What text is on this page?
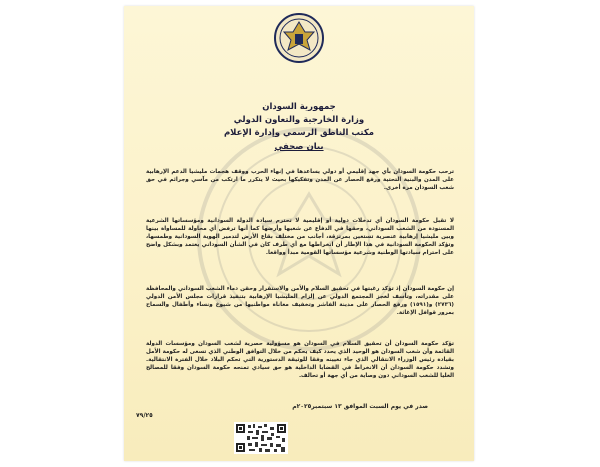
جمهورية السودان
وزارة الخارجية والتعاون الدولي
مكتب الناطق الرسمي وإدارة الإعلام
بيان صحفي

ترحب حكومة السودان بأي جهد إقليمي أو دولي يساعدها في إنهاء الحرب ووقف هجمات مليشيا الدعم الإرهابية على المدن والبنية التحتية ورفع الحصار عن المدن وتفكيكها بحيث لا يتكرر ما ارتكب من مآسي وجرائم في حق شعب السودان مرة أخرى.

لا تقبل حكومة السودان أي تدخلات دولية أو إقليمية لا تحترم سيادة الدولة السودانية ومؤسساتها الشرعية المسنودة من الشعب السوداني، وحقها في الدفاع عن شعبها وأرضها كما أنها ترفض أي محاولة للمساواة بينها وبين مليشيا إرهابية عنصرية تستعين بمرتزقة، أجانب من مختلف بقاع الأرض لتدمير الهوية السودانية وطمسها، وتؤكد الحكومة السودانية في هذا الإطار أن انخراطها مع أي طرف كان في الشأن السوداني يعتمد وبشكل واضح على احترام سيادتها الوطنية وشرعية مؤسساتها القومية مبدأ وواقعا.

إن حكومة السودان إذ تؤكد رغبتها في تحقيق السلام والأمن والاستقرار وحقن دماء الشعب السوداني والمحافظة على مقدراته، وتأسف لعجز المجتمع الدولي عن إلزام المليشيا الإرهابية بتنفيذ قرارات مجلس الأمن الدولي (٢٧٣٦) و(١٥٩١) ورفع الحصار على مدينة الفاشر وتخفيف معاناة مواطنيها من شيوخ ونساء وأطفال والسماح بمرور قوافل الإغاثة.

تؤكد حكومة السودان أن تحقيق السلام في السودان هو مسؤولية حصرية لشعب السودان ومؤسسات الدولة القائمة وأن شعب السودان هو الوحيد الذي يحدد كيف يحكم من خلال التوافق الوطني الذي تسعى له حكومة الأمل بقيادة رئيس الوزراء الانتقالي الذي جاء تعيينه وفقا للوثيقة الدستورية التي تحكم البلاد خلال الفترة الانتقالية. وتشدد حكومة السودان أن الانخراط في القضايا الداخلية هو حق سيادي تمنحه حكومة السودان وفقا للمصالح العليا للشعب السوداني دون وصاية من أي جهة أو تحالف.

صدر في يوم السبت الموافق ١٣ سبتمبر٢٠٢٥م
٧٩/٢٥
